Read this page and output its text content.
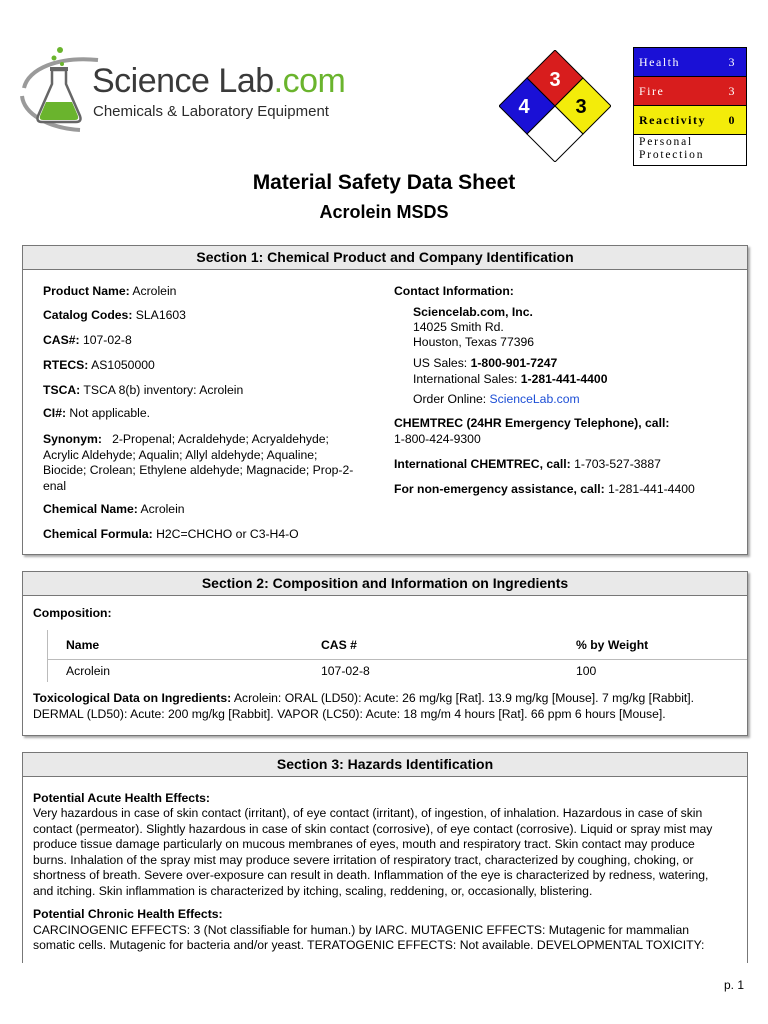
Science Lab.com
Chemicals & Laboratory Equipment
3
4 3
Health	3
Fire	3
Reactivity 0
Personal
Protection
Material Safety Data Sheet
Acrolein MSDS
Section 1: Chemical Product and Company Identification
Product Name: Acrolein
Catalog Codes: SLA1603
CAS#: 107-02-8
RTECS: AS1050000
TSCA: TSCA 8(b) inventory: Acrolein
CI#: Not applicable.
Synonym:   2-Propenal; Acraldehyde; Acryaldehyde;
Acrylic Aldehyde; Aqualin; Allyl aldehyde; Aqualine;
Biocide; Crolean; Ethylene aldehyde; Magnacide; Prop-2-
enal
Chemical Name: Acrolein
Chemical Formula: H2C=CHCHO or C3-H4-O
Contact Information:
Sciencelab.com, Inc.
14025 Smith Rd.
Houston, Texas 77396
US Sales: 1-800-901-7247
International Sales: 1-281-441-4400
Order Online: ScienceLab.com
CHEMTREC (24HR Emergency Telephone), call:
1-800-424-9300
International CHEMTREC, call: 1-703-527-3887
For non-emergency assistance, call: 1-281-441-4400
Section 2: Composition and Information on Ingredients
Composition:
Name	CAS #	% by Weight
Acrolein	107-02-8	100
Toxicological Data on Ingredients: Acrolein: ORAL (LD50): Acute: 26 mg/kg [Rat]. 13.9 mg/kg [Mouse]. 7 mg/kg [Rabbit].
DERMAL (LD50): Acute: 200 mg/kg [Rabbit]. VAPOR (LC50): Acute: 18 mg/m 4 hours [Rat]. 66 ppm 6 hours [Mouse].
Section 3: Hazards Identification
Potential Acute Health Effects:
Very hazardous in case of skin contact (irritant), of eye contact (irritant), of ingestion, of inhalation. Hazardous in case of skin
contact (permeator). Slightly hazardous in case of skin contact (corrosive), of eye contact (corrosive). Liquid or spray mist may
produce tissue damage particularly on mucous membranes of eyes, mouth and respiratory tract. Skin contact may produce
burns. Inhalation of the spray mist may produce severe irritation of respiratory tract, characterized by coughing, choking, or
shortness of breath. Severe over-exposure can result in death. Inflammation of the eye is characterized by redness, watering,
and itching. Skin inflammation is characterized by itching, scaling, reddening, or, occasionally, blistering.
Potential Chronic Health Effects:
CARCINOGENIC EFFECTS: 3 (Not classifiable for human.) by IARC. MUTAGENIC EFFECTS: Mutagenic for mammalian
somatic cells. Mutagenic for bacteria and/or yeast. TERATOGENIC EFFECTS: Not available. DEVELOPMENTAL TOXICITY:
p. 1
